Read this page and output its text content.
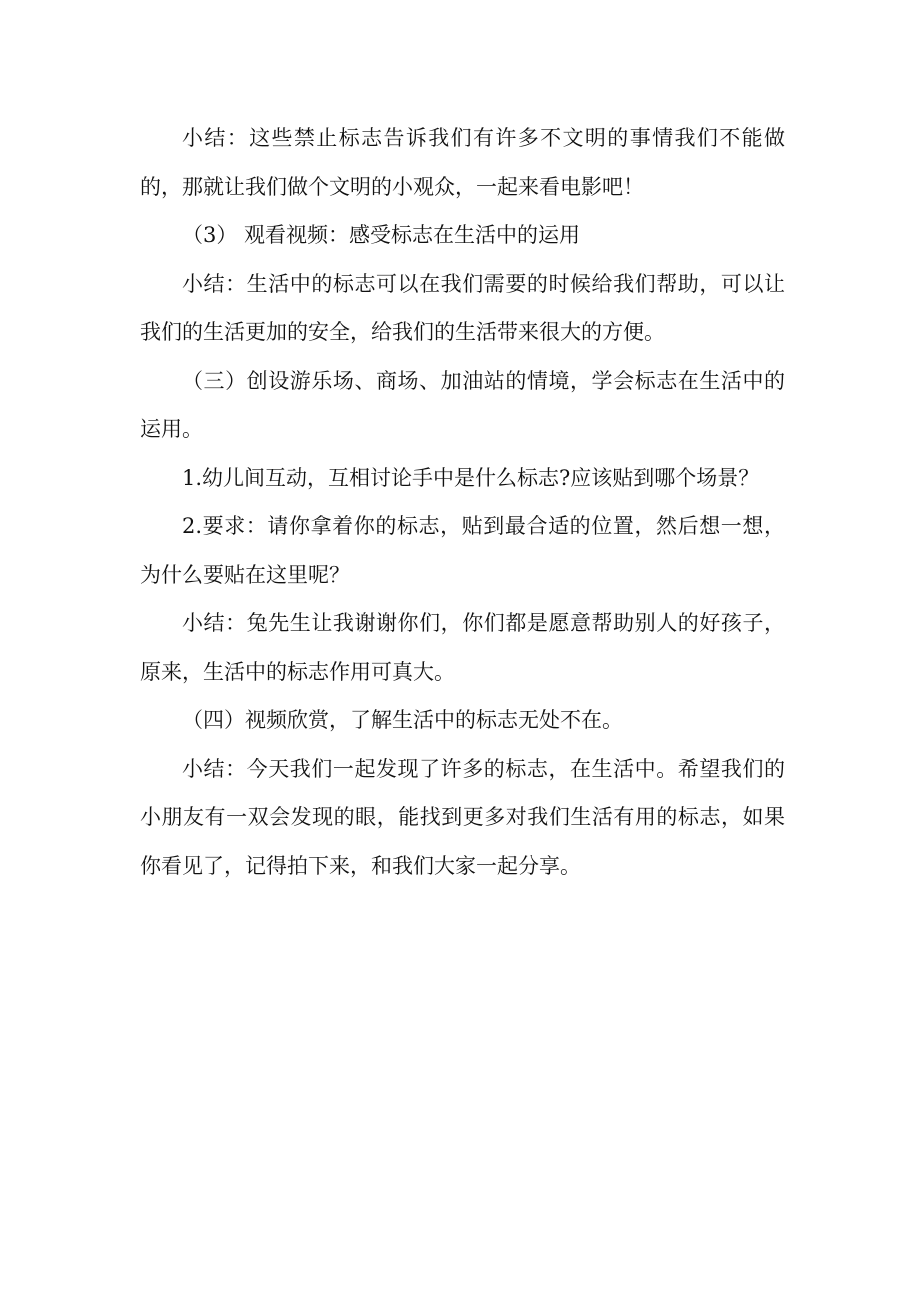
小结：这些禁止标志告诉我们有许多不文明的事情我们不能做的，那就让我们做个文明的小观众，一起来看电影吧！

（3） 观看视频：感受标志在生活中的运用

小结：生活中的标志可以在我们需要的时候给我们帮助，可以让我们的生活更加的安全，给我们的生活带来很大的方便。

（三）创设游乐场、商场、加油站的情境，学会标志在生活中的运用。

1.幼儿间互动，互相讨论手中是什么标志?应该贴到哪个场景？

2.要求：请你拿着你的标志，贴到最合适的位置，然后想一想，为什么要贴在这里呢？

小结：兔先生让我谢谢你们，你们都是愿意帮助别人的好孩子，原来，生活中的标志作用可真大。

（四）视频欣赏，了解生活中的标志无处不在。

小结：今天我们一起发现了许多的标志，在生活中。希望我们的小朋友有一双会发现的眼，能找到更多对我们生活有用的标志，如果你看见了，记得拍下来，和我们大家一起分享。
